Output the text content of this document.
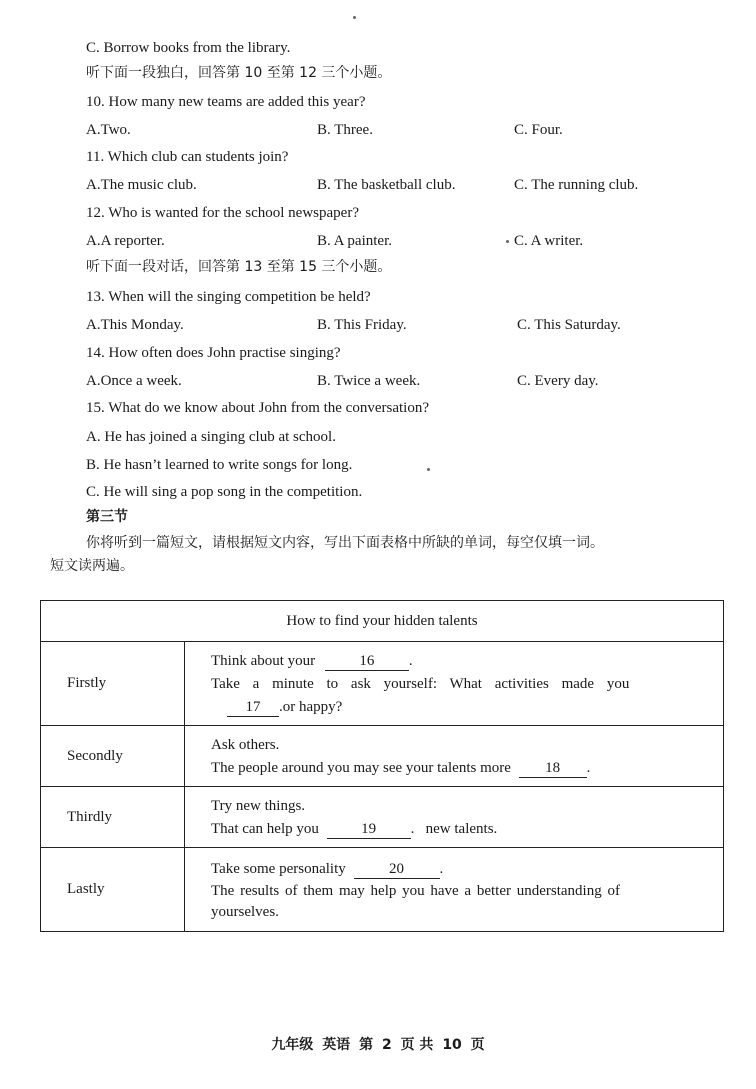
C. Borrow books from the library.
听下面一段独白，回答第 10 至第 12 三个小题。
10. How many new teams are added this year?
A.Two.	B. Three.	C. Four.
11. Which club can students join?
A.The music club.	B. The basketball club.	C. The running club.
12. Who is wanted for the school newspaper?
A.A reporter.	B. A painter.	C. A writer.
听下面一段对话，回答第 13 至第 15 三个小题。
13. When will the singing competition be held?
A.This Monday.	B. This Friday.	C. This Saturday.
14. How often does John practise singing?
A.Once a week.	B. Twice a week.	C. Every day.
15. What do we know about John from the conversation?
A. He has joined a singing club at school.
B. He hasn’t learned to write songs for long.
C. He will sing a pop song in the competition.
第三节
你将听到一篇短文，请根据短文内容，写出下面表格中所缺的单词，每空仅填一词。
短文读两遍。
How to find your hidden talents	
Firstly	Think about your 16 .
Take a minute to ask yourself: What activities made you
17 .or happy?

Secondly	Ask others.
The people around you may see your talents more 18 .

Thirdly	Try new things.
That can help you 19 .   new talents.

Lastly	Take some personality 20 .
The results of them may help you have a better understanding of
yourselves.
九年级 英语 第 2 页 共 10 页
